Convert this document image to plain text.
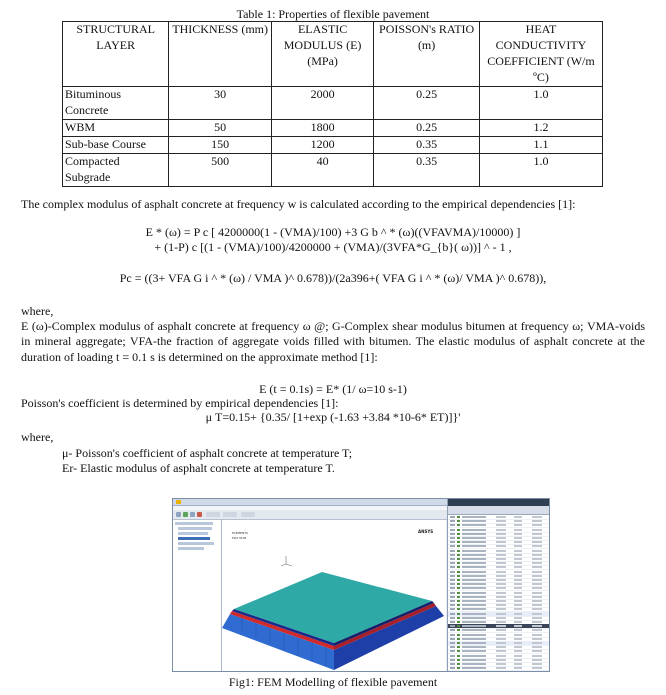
Table 1: Properties of flexible pavement
STRUCTURAL LAYER	THICKNESS (mm)	ELASTIC MODULUS (E) (MPa)	POISSON's RATIO (m)	HEAT CONDUCTIVITY COEFFICIENT (W/m ºC)
Bituminous Concrete	30	2000	0.25	1.0
WBM	50	1800	0.25	1.2
Sub-base Course	150	1200	0.35	1.1
Compacted Subgrade	500	40	0.35	1.0
The complex modulus of asphalt concrete at frequency w is calculated according to the empirical dependencies [1]:
E * (ω) = P c [ 4200000(1 - (VMA)/100) +3 G b ^ * (ω)((VFAVMA)/10000) ]
+ (1-P) c [(1 - (VMA)/100)/4200000 + (VMA)/(3VFA*G_{b}( ω))] ^ - 1 ,
Pc = ((3+ VFA G i ^ * (ω) / VMA )^ 0.678))/(2a396+( VFA G i ^ * (ω)/ VMA )^ 0.678)),
where,
E (ω)-Complex modulus of asphalt concrete at frequency ω @; G-Complex shear modulus bitumen at frequency ω; VMA-voids in mineral aggregate; VFA-the fraction of aggregate voids filled with bitumen. The elastic modulus of asphalt concrete at the duration of loading t = 0.1 s is determined on the approximate method [1]:
E (t = 0.1s) = E* (1/ ω=10 s-1)
Poisson's coefficient is determined by empirical dependencies [1]:
μ T=0.15+ {0.35/ [1+exp (-1.63 +3.84 *10-6* ET)]}'
where,
μ- Poisson's coefficient of asphalt concrete at temperature T;
Er- Elastic modulus of asphalt concrete at temperature T.
ELEMENTS
MAT NUM
ANSYS
Fig1: FEM Modelling of flexible pavement
